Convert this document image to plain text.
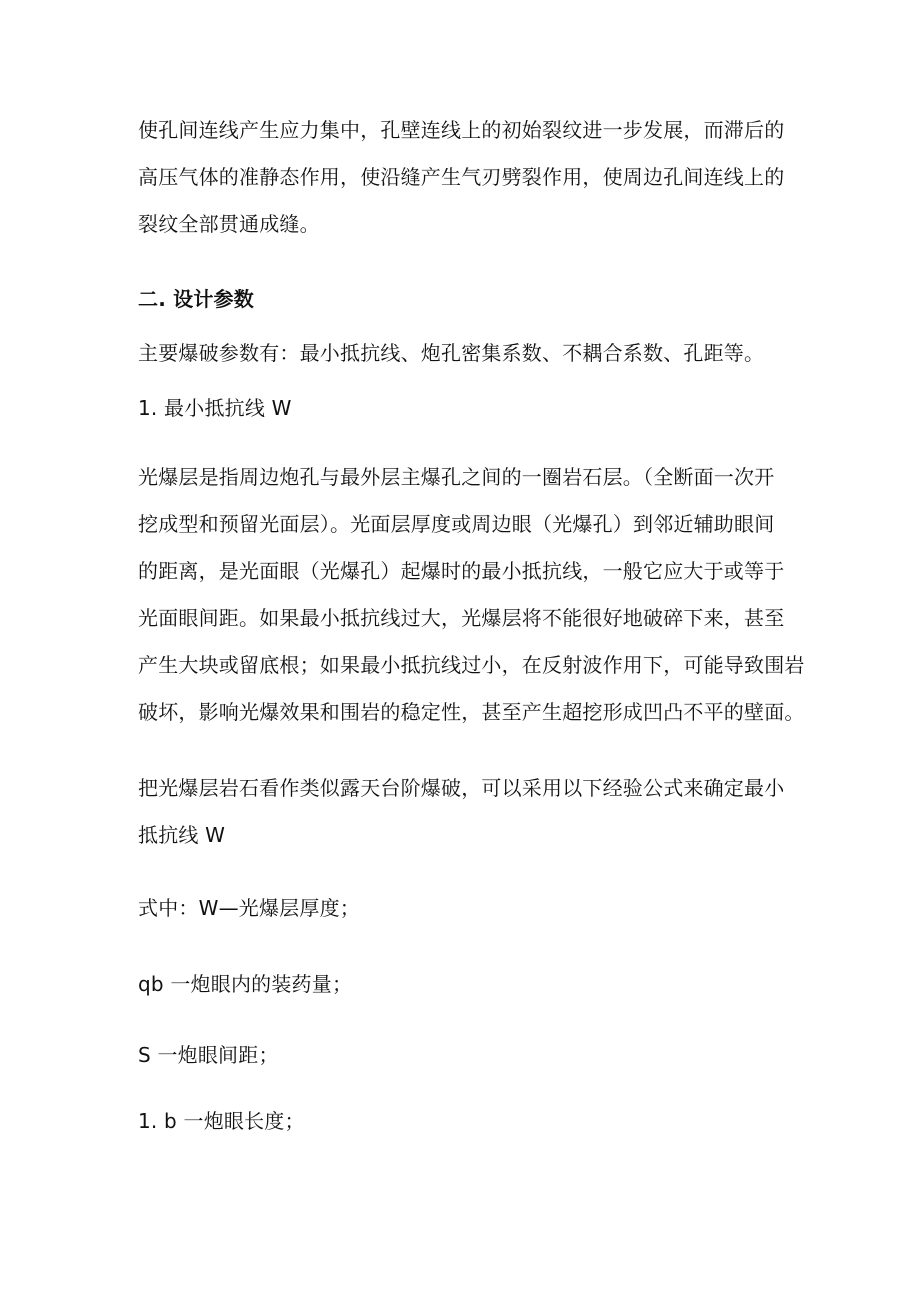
使孔间连线产生应力集中，孔壁连线上的初始裂纹进一步发展，而滞后的
高压气体的准静态作用，使沿缝产生气刃劈裂作用，使周边孔间连线上的
裂纹全部贯通成缝。
二. 设计参数
主要爆破参数有：最小抵抗线、炮孔密集系数、不耦合系数、孔距等。
1. 最小抵抗线 W
光爆层是指周边炮孔与最外层主爆孔之间的一圈岩石层。（全断面一次开
挖成型和预留光面层）。光面层厚度或周边眼（光爆孔）到邻近辅助眼间
的距离，是光面眼（光爆孔）起爆时的最小抵抗线，一般它应大于或等于
光面眼间距。如果最小抵抗线过大，光爆层将不能很好地破碎下来，甚至
产生大块或留底根；如果最小抵抗线过小，在反射波作用下，可能导致围岩
破坏，影响光爆效果和围岩的稳定性，甚至产生超挖形成凹凸不平的壁面。
把光爆层岩石看作类似露天台阶爆破，可以采用以下经验公式来确定最小
抵抗线 W
式中：W—光爆层厚度；
qb 一炮眼内的装药量；
S 一炮眼间距；
1. b 一炮眼长度；
